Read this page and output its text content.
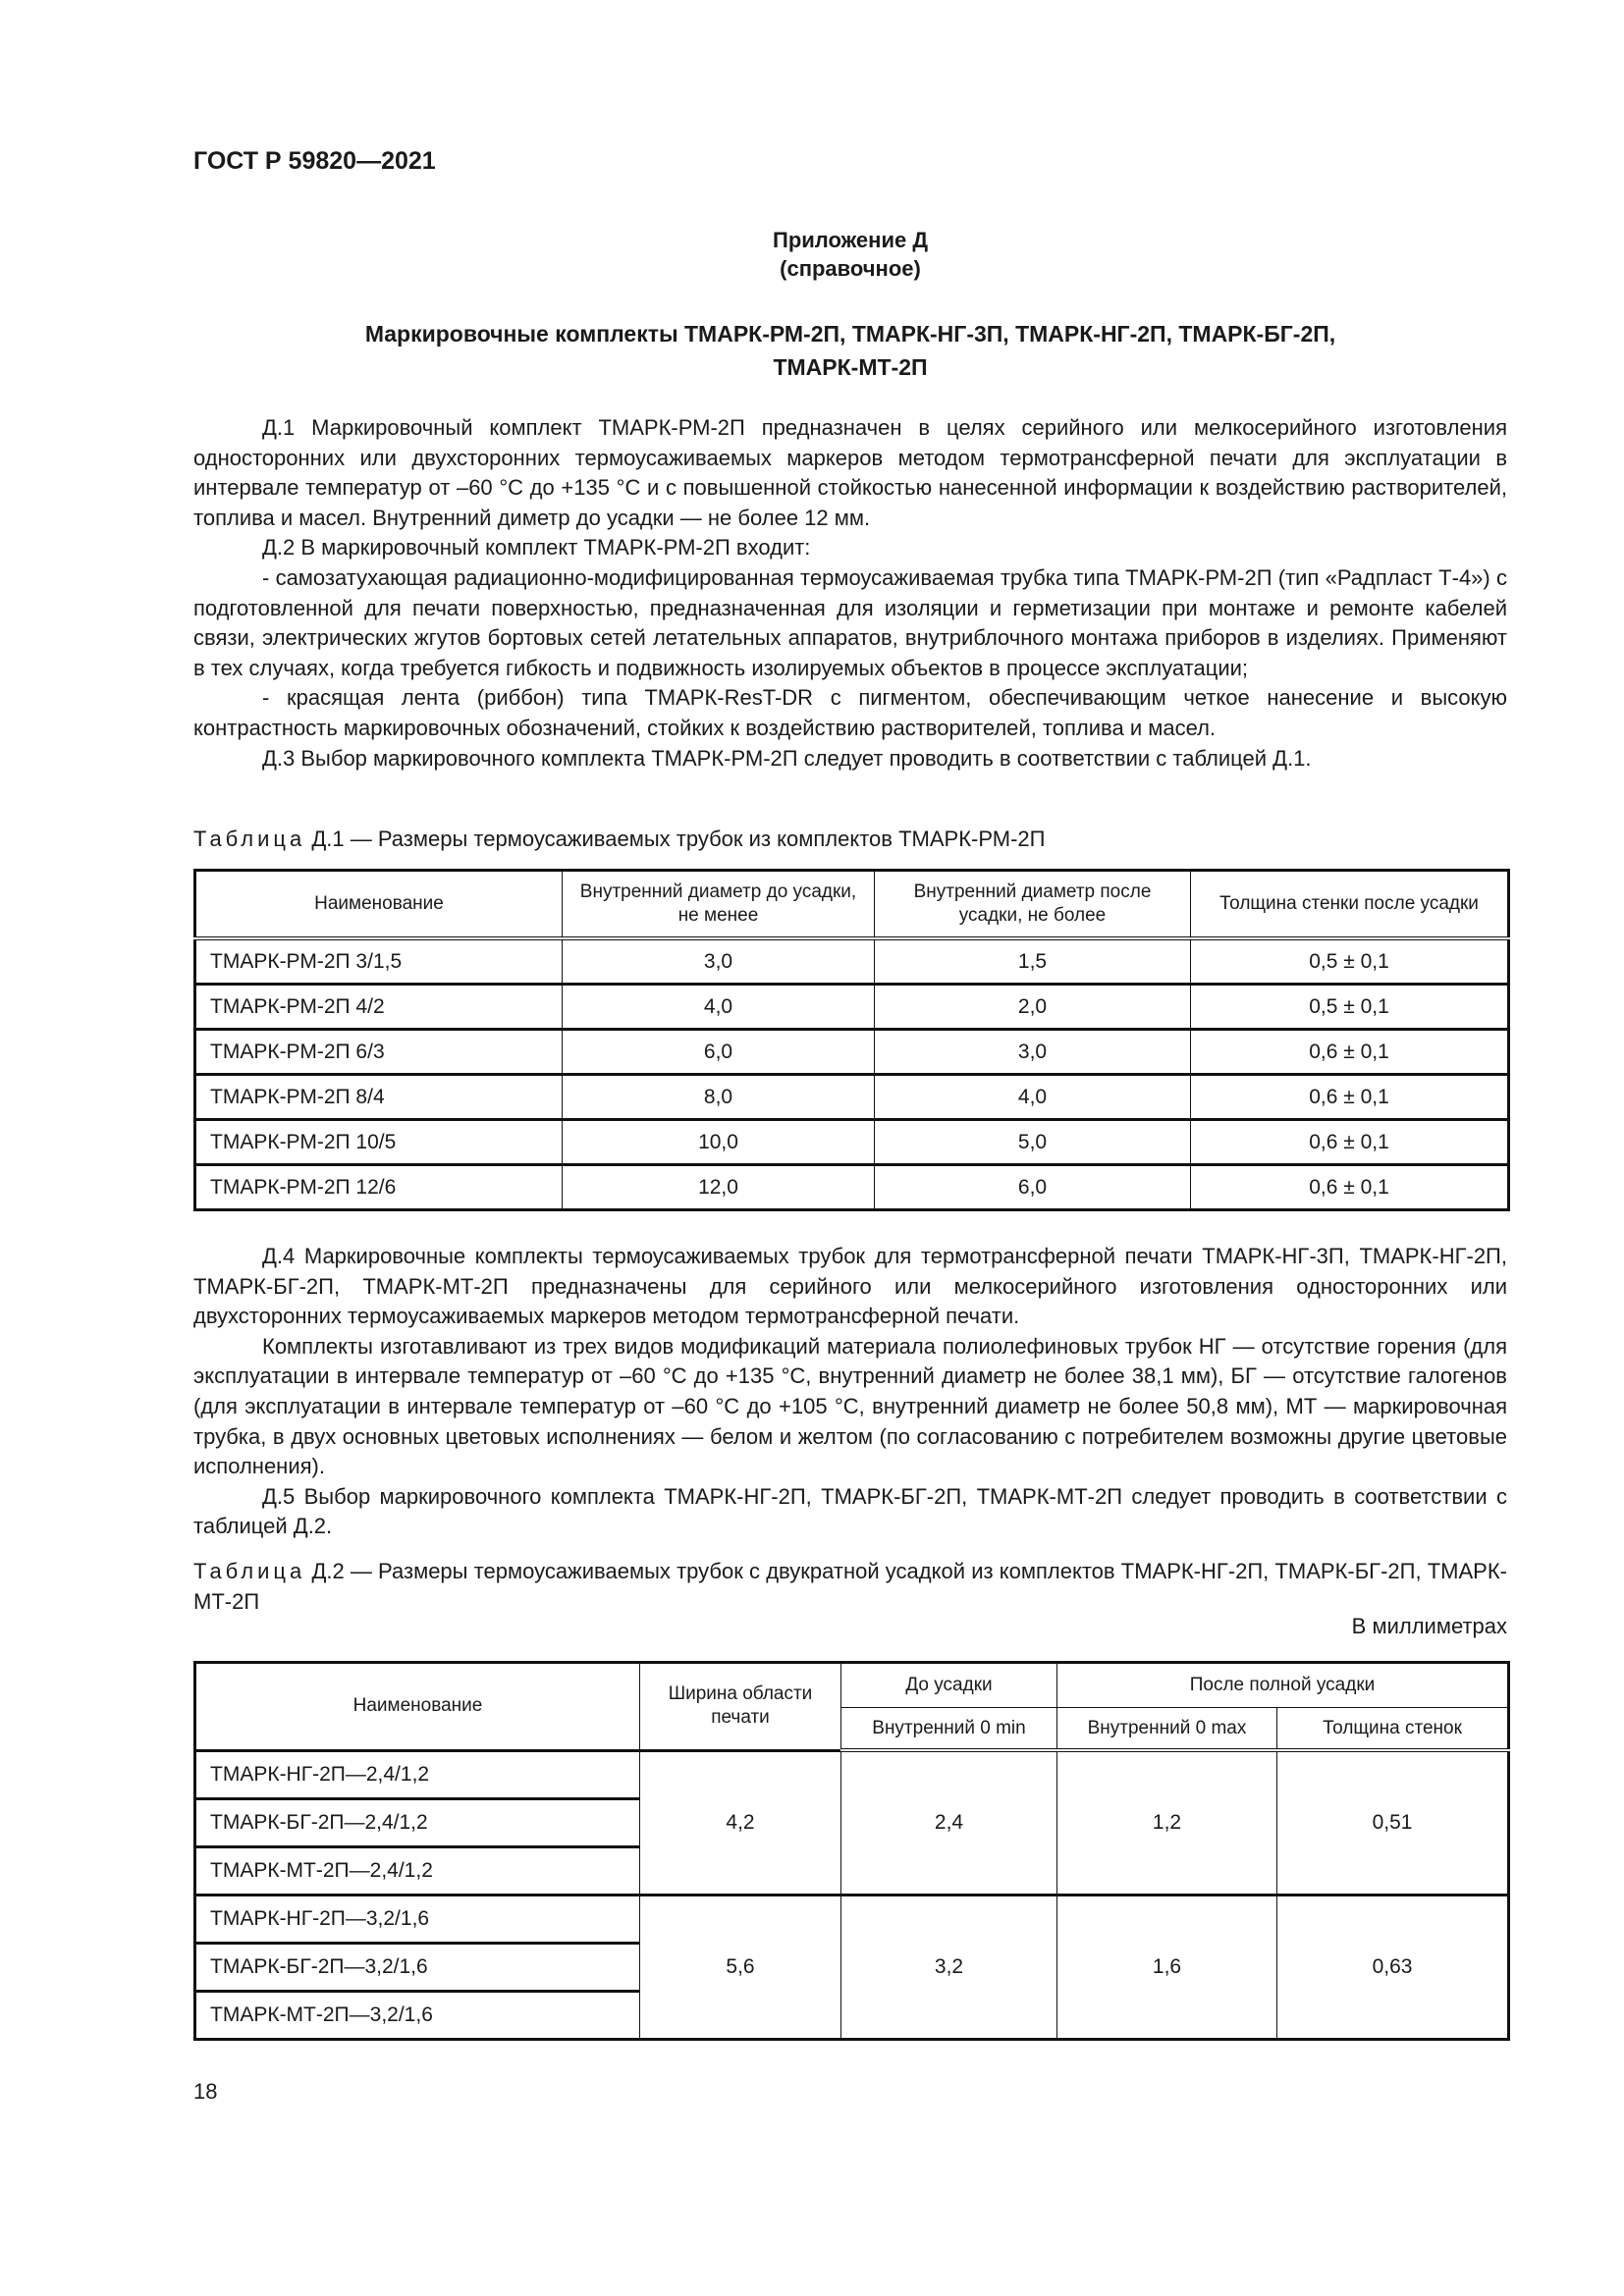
ГОСТ Р 59820—2021
Приложение Д
(справочное)
Маркировочные комплекты ТМАРК-РМ-2П, ТМАРК-НГ-3П, ТМАРК-НГ-2П, ТМАРК-БГ-2П,
ТМАРК-МТ-2П

Д.1 Маркировочный комплект ТМАРК-РМ-2П предназначен в целях серийного или мелкосерийного изготовления односторонних или двухсторонних термоусаживаемых маркеров методом термотрансферной печати для эксплуатации в интервале температур от –60 °С до +135 °С и с повышенной стойкостью нанесенной информации к воздействию растворителей, топлива и масел. Внутренний диметр до усадки — не более 12 мм.

Д.2 В маркировочный комплект ТМАРК-РМ-2П входит:

- самозатухающая радиационно-модифицированная термоусаживаемая трубка типа ТМАРК-РМ-2П (тип «Радпласт Т-4») с подготовленной для печати поверхностью, предназначенная для изоляции и герметизации при монтаже и ремонте кабелей связи, электрических жгутов бортовых сетей летательных аппаратов, внутриблочного монтажа приборов в изделиях. Применяют в тех случаях, когда требуется гибкость и подвижность изолируемых объектов в процессе эксплуатации;

- красящая лента (риббон) типа ТМАРК-ResT-DR с пигментом, обеспечивающим четкое нанесение и высокую контрастность маркировочных обозначений, стойких к воздействию растворителей, топлива и масел.

Д.3 Выбор маркировочного комплекта ТМАРК-РМ-2П следует проводить в соответствии с таблицей Д.1.

Таблица Д.1 — Размеры термоусаживаемых трубок из комплектов ТМАРК-РМ-2П
Наименование	Внутренний диаметр до усадки, не менее	Внутренний диаметр после усадки, не более	Толщина стенки после усадки
ТМАРК-РМ-2П 3/1,5	3,0	1,5	0,5 ± 0,1
ТМАРК-РМ-2П 4/2	4,0	2,0	0,5 ± 0,1
ТМАРК-РМ-2П 6/3	6,0	3,0	0,6 ± 0,1
ТМАРК-РМ-2П 8/4	8,0	4,0	0,6 ± 0,1
ТМАРК-РМ-2П 10/5	10,0	5,0	0,6 ± 0,1
ТМАРК-РМ-2П 12/6	12,0	6,0	0,6 ± 0,1

Д.4 Маркировочные комплекты термоусаживаемых трубок для термотрансферной печати ТМАРК-НГ-3П, ТМАРК-НГ-2П, ТМАРК-БГ-2П, ТМАРК-МТ-2П предназначены для серийного или мелкосерийного изготовления односторонних или двухсторонних термоусаживаемых маркеров методом термотрансферной печати.

Комплекты изготавливают из трех видов модификаций материала полиолефиновых трубок НГ — отсутствие горения (для эксплуатации в интервале температур от –60 °С до +135 °С, внутренний диаметр не более 38,1 мм), БГ — отсутствие галогенов (для эксплуатации в интервале температур от –60 °С до +105 °С, внутренний диаметр не более 50,8 мм), МТ — маркировочная трубка, в двух основных цветовых исполнениях — белом и желтом (по согласованию с потребителем возможны другие цветовые исполнения).

Д.5 Выбор маркировочного комплекта ТМАРК-НГ-2П, ТМАРК-БГ-2П, ТМАРК-МТ-2П следует проводить в соответствии с таблицей Д.2.

Таблица Д.2 — Размеры термоусаживаемых трубок с двукратной усадкой из комплектов ТМАРК-НГ-2П, ТМАРК-БГ-2П, ТМАРК-МТ-2П
В миллиметрах
Наименование	Ширина области печати	До усадки	После полной усадки	
		Внутренний 0 min	Внутренний 0 max	Толщина стенок
ТМАРК-НГ-2П—2,4/1,2	4,2	2,4	1,2	0,51
ТМАРК-БГ-2П—2,4/1,2				
ТМАРК-МТ-2П—2,4/1,2				
ТМАРК-НГ-2П—3,2/1,6	5,6	3,2	1,6	0,63
ТМАРК-БГ-2П—3,2/1,6				
ТМАРК-МТ-2П—3,2/1,6				
18
